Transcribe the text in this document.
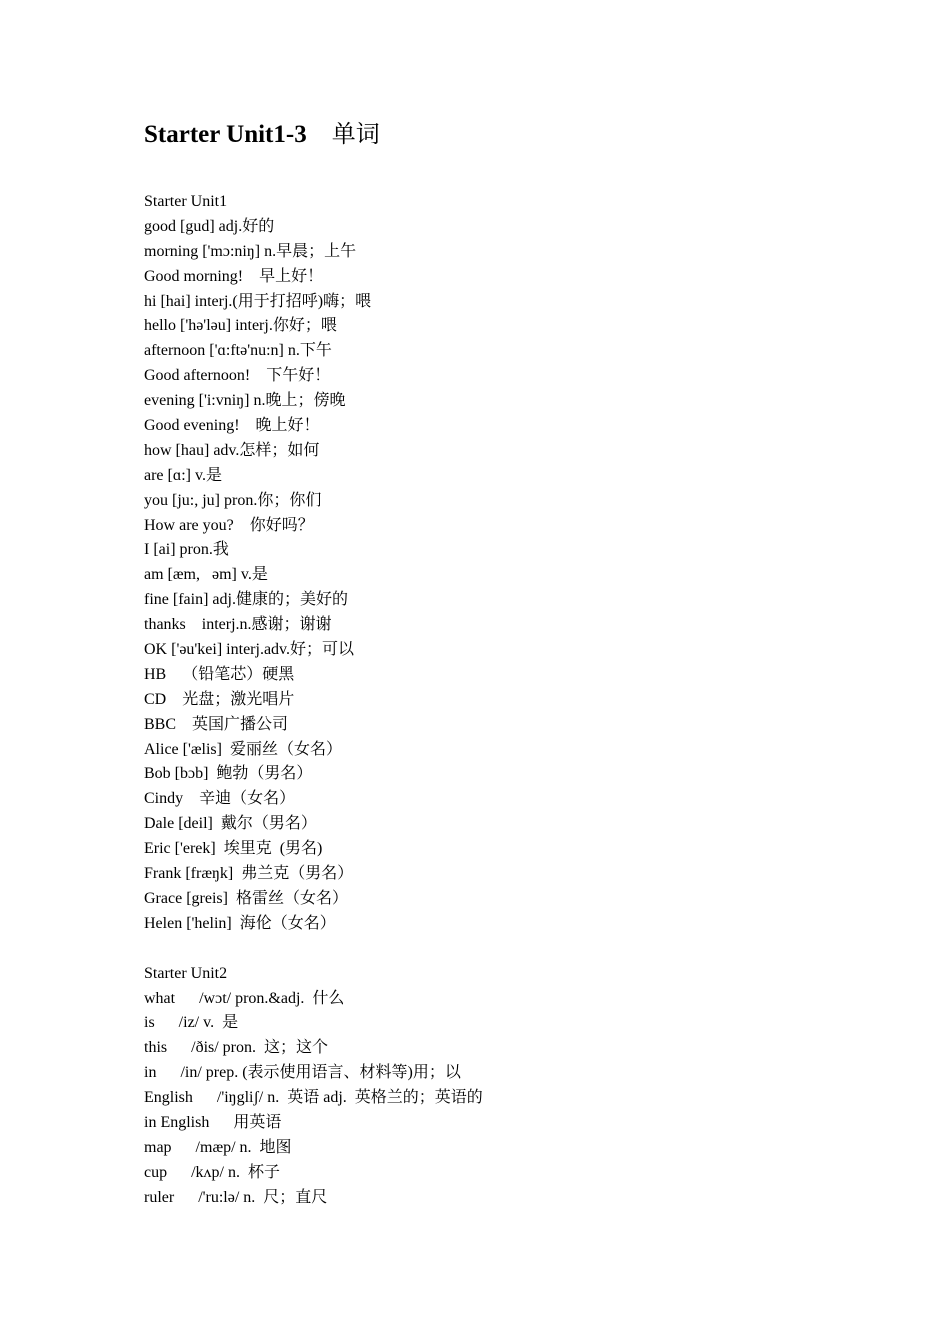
Starter Unit1-3 单词
Starter Unit1
good [gud] adj.好的
morning ['mɔ:niŋ] n.早晨；上午
Good morning!    早上好！
hi [hai] interj.(用于打招呼)嗨；喂
hello ['hə'ləu] interj.你好；喂
afternoon ['ɑ:ftə'nu:n] n.下午
Good afternoon!    下午好！
evening ['i:vniŋ] n.晚上；傍晚
Good evening!    晚上好！
how [hau] adv.怎样；如何
are [ɑ:] v.是
you [ju:, ju] pron.你；你们
How are you?    你好吗？
I [ai] pron.我
am [æm,   əm] v.是
fine [fain] adj.健康的；美好的
thanks    interj.n.感谢；谢谢
OK ['əu'kei] interj.adv.好；可以
HB    （铅笔芯）硬黑
CD    光盘；激光唱片
BBC    英国广播公司
Alice ['ælis]  爱丽丝（女名）
Bob [bɔb]  鲍勃（男名）
Cindy    辛迪（女名）
Dale [deil]  戴尔（男名）
Eric ['erek]  埃里克  (男名)
Frank [fræŋk]  弗兰克（男名）
Grace [greis]  格雷丝（女名）
Helen ['helin]  海伦（女名）
Starter Unit2
what      /wɔt/ pron.&adj.  什么
is      /iz/ v.  是
this      /ðis/ pron.  这；这个
in      /in/ prep. (表示使用语言、材料等)用；以
English      /'iŋgliʃ/ n.  英语 adj.  英格兰的；英语的
in English      用英语
map      /mæp/ n.  地图
cup      /kʌp/ n.  杯子
ruler      /'ru:lə/ n.  尺；直尺
